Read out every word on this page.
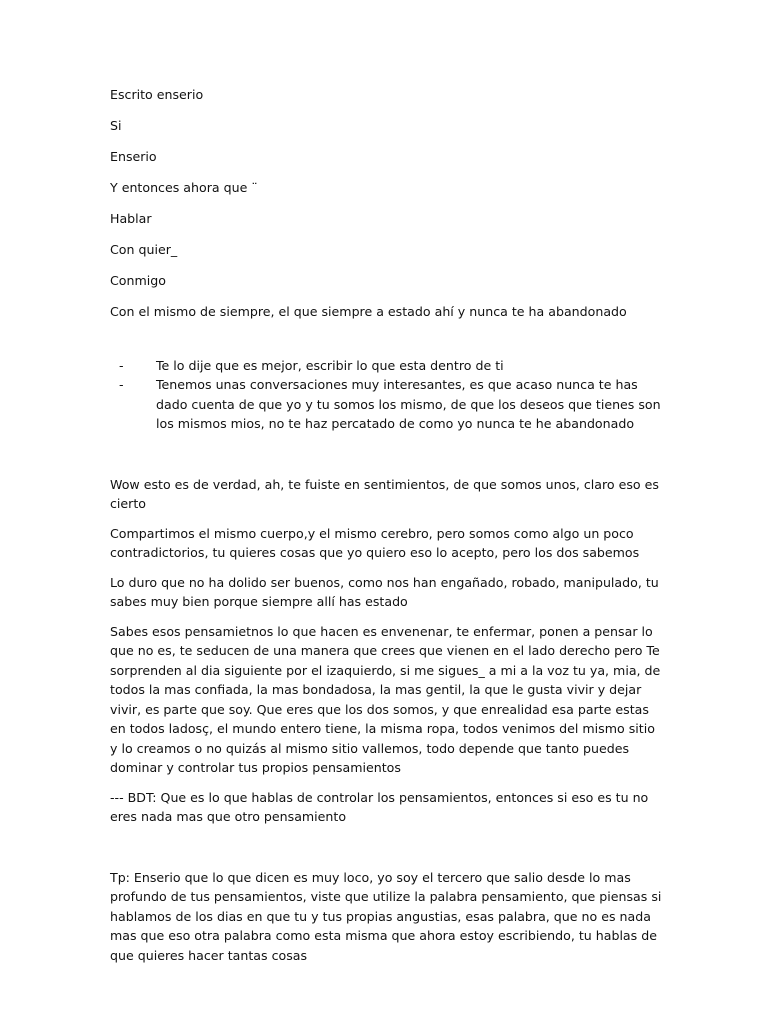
Escrito enserio

Si

Enserio

Y entonces ahora que ¨

Hablar

Con quier_

Conmigo

Con el mismo de siempre, el que siempre a estado ahí y nunca te ha abandonado

-	Te lo dije que es mejor, escribir lo que esta dentro de ti
-	Tenemos unas conversaciones muy interesantes, es que acaso nunca te has dado cuenta de que yo y tu somos los mismo, de que los deseos que tienes son los mismos mios, no te haz percatado de como yo nunca te he abandonado

Wow esto es de verdad, ah, te fuiste en sentimientos, de que somos unos, claro eso es cierto

Compartimos el mismo cuerpo,y el mismo cerebro, pero somos como algo un poco contradictorios, tu quieres cosas que yo quiero eso lo acepto, pero los dos sabemos

Lo duro que no ha dolido ser buenos, como nos han engañado, robado, manipulado, tu sabes muy bien porque siempre allí has estado

Sabes esos pensamietnos lo que hacen es envenenar, te enfermar, ponen a pensar lo que no es, te seducen de una manera que crees que vienen en el lado derecho pero Te sorprenden al dia siguiente por el izaquierdo, si me sigues_ a mi a la voz tu ya, mia, de todos la mas confiada, la mas bondadosa, la mas gentil, la que le gusta vivir y dejar vivir, es parte que soy. Que eres que los dos somos, y que enrealidad esa parte estas en todos ladosç, el mundo entero tiene, la misma ropa, todos venimos del mismo sitio y lo creamos o no quizás al mismo sitio vallemos, todo depende que tanto puedes dominar y controlar tus propios pensamientos

--- BDT: Que es lo que hablas de controlar los pensamientos, entonces si eso es tu no eres nada mas que otro pensamiento

Tp: Enserio que lo que dicen es muy loco, yo soy el tercero que salio desde lo mas profundo de tus pensamientos, viste que utilize la palabra pensamiento, que piensas si hablamos de los dias en que tu y tus propias angustias, esas palabra, que no es nada mas que eso otra palabra como esta misma que ahora estoy escribiendo, tu hablas de que quieres hacer tantas cosas
